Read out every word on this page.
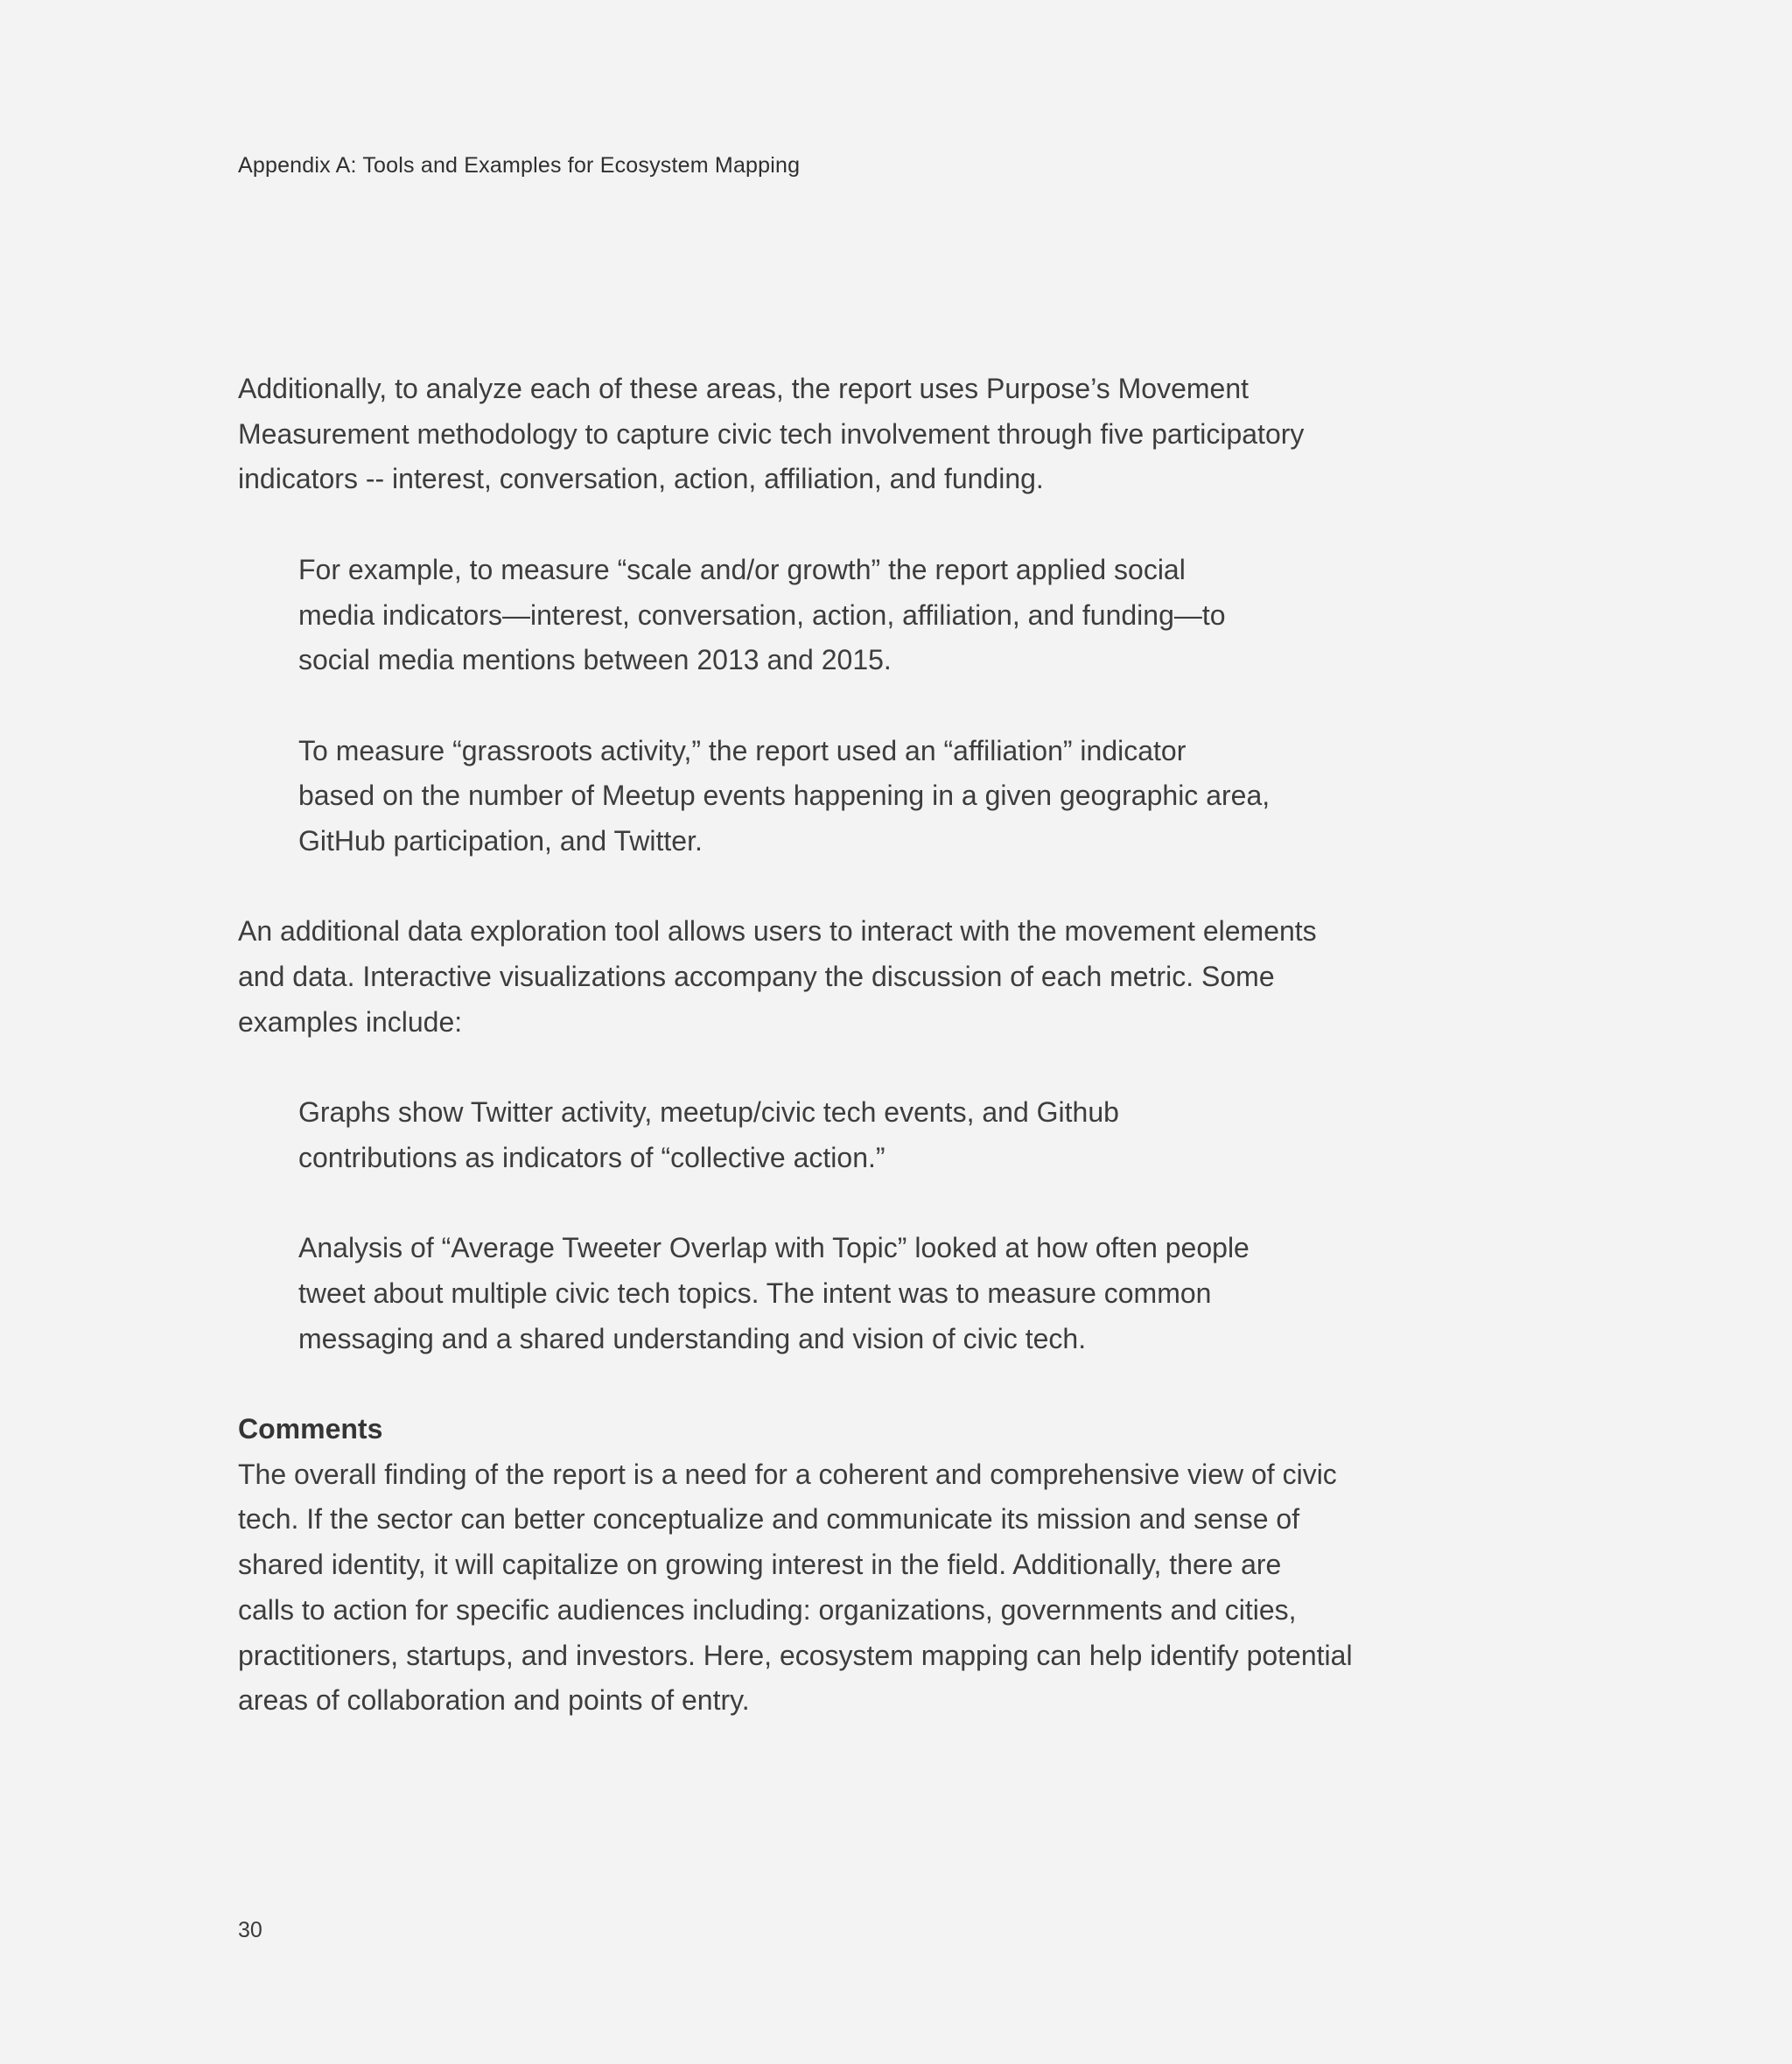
Appendix A: Tools and Examples for Ecosystem Mapping

Additionally, to analyze each of these areas, the report uses Purpose’s Movement
Measurement methodology to capture civic tech involvement through five participatory
indicators -- interest, conversation, action, affiliation, and funding.

For example, to measure “scale and/or growth” the report applied social
media indicators—interest, conversation, action, affiliation, and funding—to
social media mentions between 2013 and 2015.

To measure “grassroots activity,” the report used an “affiliation” indicator
based on the number of Meetup events happening in a given geographic area,
GitHub participation, and Twitter.

An additional data exploration tool allows users to interact with the movement elements
and data. Interactive visualizations accompany the discussion of each metric. Some
examples include:

Graphs show Twitter activity, meetup/civic tech events, and Github
contributions as indicators of “collective action.”

Analysis of “Average Tweeter Overlap with Topic” looked at how often people
tweet about multiple civic tech topics. The intent was to measure common
messaging and a shared understanding and vision of civic tech.

Comments

The overall finding of the report is a need for a coherent and comprehensive view of civic
tech. If the sector can better conceptualize and communicate its mission and sense of
shared identity, it will capitalize on growing interest in the field. Additionally, there are
calls to action for specific audiences including: organizations, governments and cities,
practitioners, startups, and investors. Here, ecosystem mapping can help identify potential
areas of collaboration and points of entry.

30
